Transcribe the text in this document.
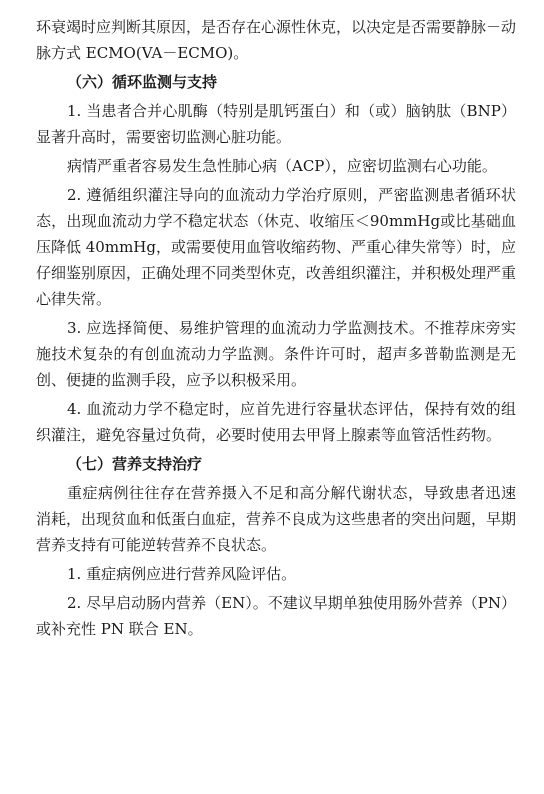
环衰竭时应判断其原因，是否存在心源性休克，以决定是否需要静脉－动脉方式 ECMO(VA－ECMO)。

（六）循环监测与支持

1. 当患者合并心肌酶（特别是肌钙蛋白）和（或）脑钠肽（BNP）显著升高时，需要密切监测心脏功能。

病情严重者容易发生急性肺心病（ACP），应密切监测右心功能。

2. 遵循组织灌注导向的血流动力学治疗原则，严密监测患者循环状态，出现血流动力学不稳定状态（休克、收缩压＜90mmHg或比基础血压降低 40mmHg，或需要使用血管收缩药物、严重心律失常等）时，应仔细鉴别原因，正确处理不同类型休克，改善组织灌注，并积极处理严重心律失常。

3. 应选择简便、易维护管理的血流动力学监测技术。不推荐床旁实施技术复杂的有创血流动力学监测。条件许可时，超声多普勒监测是无创、便捷的监测手段，应予以积极采用。

4. 血流动力学不稳定时，应首先进行容量状态评估，保持有效的组织灌注，避免容量过负荷，必要时使用去甲肾上腺素等血管活性药物。

（七）营养支持治疗

重症病例往往存在营养摄入不足和高分解代谢状态，导致患者迅速消耗，出现贫血和低蛋白血症，营养不良成为这些患者的突出问题，早期营养支持有可能逆转营养不良状态。

1. 重症病例应进行营养风险评估。

2. 尽早启动肠内营养（EN）。不建议早期单独使用肠外营养（PN）或补充性 PN 联合 EN。
